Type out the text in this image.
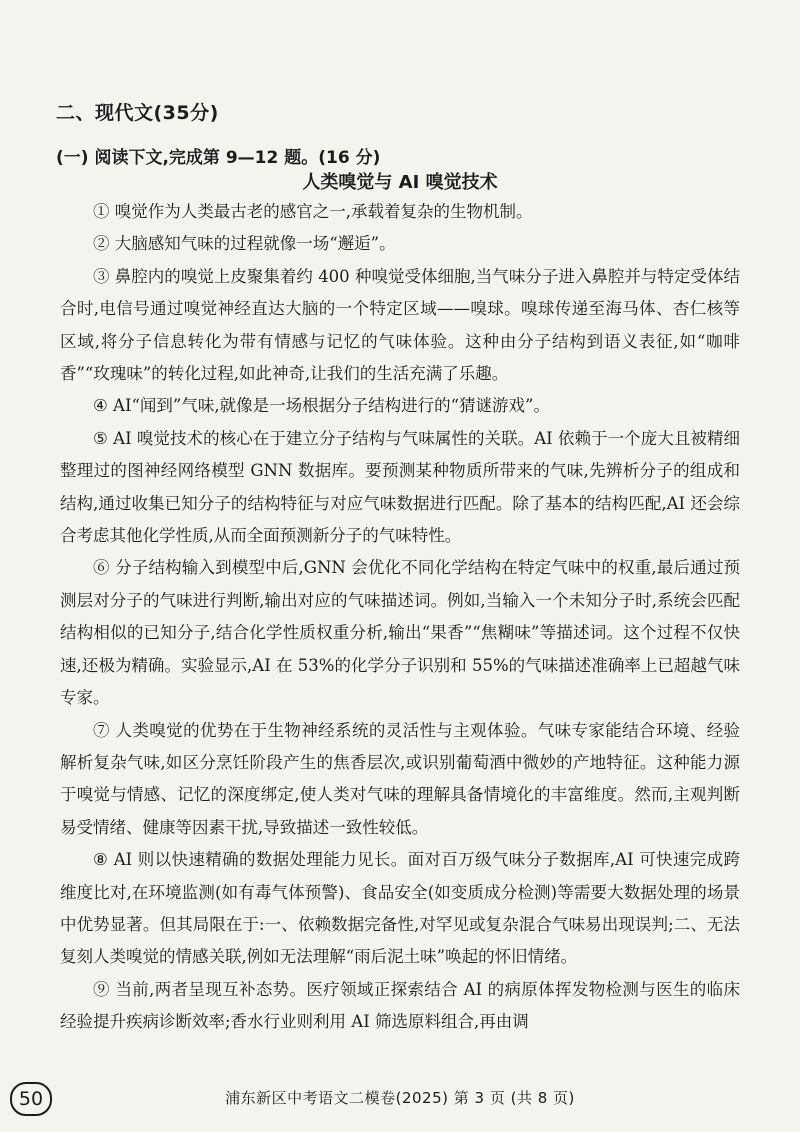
二、现代文(35分)
(一) 阅读下文,完成第 9—12 题。(16 分)
人类嗅觉与 AI 嗅觉技术

① 嗅觉作为人类最古老的感官之一,承载着复杂的生物机制。

② 大脑感知气味的过程就像一场“邂逅”。

③ 鼻腔内的嗅觉上皮聚集着约 400 种嗅觉受体细胞,当气味分子进入鼻腔并与特定受体结合时,电信号通过嗅觉神经直达大脑的一个特定区域——嗅球。嗅球传递至海马体、杏仁核等区域,将分子信息转化为带有情感与记忆的气味体验。这种由分子结构到语义表征,如“咖啡香”“玫瑰味”的转化过程,如此神奇,让我们的生活充满了乐趣。

④ AI“闻到”气味,就像是一场根据分子结构进行的“猜谜游戏”。

⑤ AI 嗅觉技术的核心在于建立分子结构与气味属性的关联。AI 依赖于一个庞大且被精细整理过的图神经网络模型 GNN 数据库。要预测某种物质所带来的气味,先辨析分子的组成和结构,通过收集已知分子的结构特征与对应气味数据进行匹配。除了基本的结构匹配,AI 还会综合考虑其他化学性质,从而全面预测新分子的气味特性。

⑥ 分子结构输入到模型中后,GNN 会优化不同化学结构在特定气味中的权重,最后通过预测层对分子的气味进行判断,输出对应的气味描述词。例如,当输入一个未知分子时,系统会匹配结构相似的已知分子,结合化学性质权重分析,输出“果香”“焦糊味”等描述词。这个过程不仅快速,还极为精确。实验显示,AI 在 53%的化学分子识别和 55%的气味描述准确率上已超越气味专家。

⑦ 人类嗅觉的优势在于生物神经系统的灵活性与主观体验。气味专家能结合环境、经验解析复杂气味,如区分烹饪阶段产生的焦香层次,或识别葡萄酒中微妙的产地特征。这种能力源于嗅觉与情感、记忆的深度绑定,使人类对气味的理解具备情境化的丰富维度。然而,主观判断易受情绪、健康等因素干扰,导致描述一致性较低。

⑧ AI 则以快速精确的数据处理能力见长。面对百万级气味分子数据库,AI 可快速完成跨维度比对,在环境监测(如有毒气体预警)、食品安全(如变质成分检测)等需要大数据处理的场景中优势显著。但其局限在于:一、依赖数据完备性,对罕见或复杂混合气味易出现误判;二、无法复刻人类嗅觉的情感关联,例如无法理解“雨后泥土味”唤起的怀旧情绪。

⑨ 当前,两者呈现互补态势。医疗领域正探索结合 AI 的病原体挥发物检测与医生的临床经验提升疾病诊断效率;香水行业则利用 AI 筛选原料组合,再由调

50	浦东新区中考语文二模卷(2025) 第 3 页 (共 8 页)
